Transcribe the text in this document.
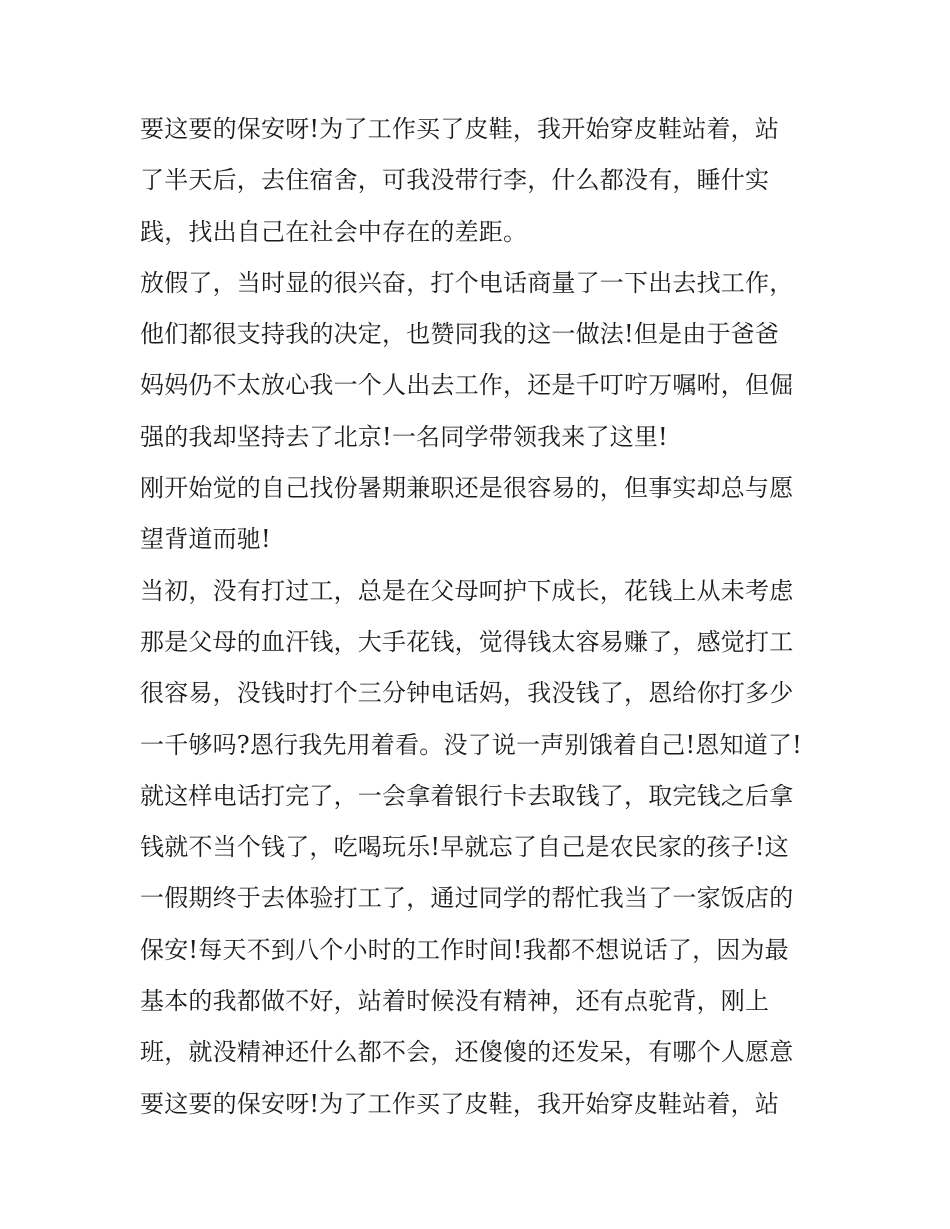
要这要的保安呀!为了工作买了皮鞋，我开始穿皮鞋站着，站
了半天后，去住宿舍，可我没带行李，什么都没有，睡什实
践，找出自己在社会中存在的差距。
放假了，当时显的很兴奋，打个电话商量了一下出去找工作，
他们都很支持我的决定，也赞同我的这一做法!但是由于爸爸
妈妈仍不太放心我一个人出去工作，还是千叮咛万嘱咐，但倔
强的我却坚持去了北京!一名同学带领我来了这里!
刚开始觉的自己找份暑期兼职还是很容易的，但事实却总与愿
望背道而驰!
当初，没有打过工，总是在父母呵护下成长，花钱上从未考虑
那是父母的血汗钱，大手花钱，觉得钱太容易赚了，感觉打工
很容易，没钱时打个三分钟电话妈，我没钱了，恩给你打多少
一千够吗?恩行我先用着看。没了说一声别饿着自己!恩知道了!
就这样电话打完了，一会拿着银行卡去取钱了，取完钱之后拿
钱就不当个钱了，吃喝玩乐!早就忘了自己是农民家的孩子!这
一假期终于去体验打工了，通过同学的帮忙我当了一家饭店的
保安!每天不到八个小时的工作时间!我都不想说话了，因为最
基本的我都做不好，站着时候没有精神，还有点驼背，刚上
班，就没精神还什么都不会，还傻傻的还发呆，有哪个人愿意
要这要的保安呀!为了工作买了皮鞋，我开始穿皮鞋站着，站
